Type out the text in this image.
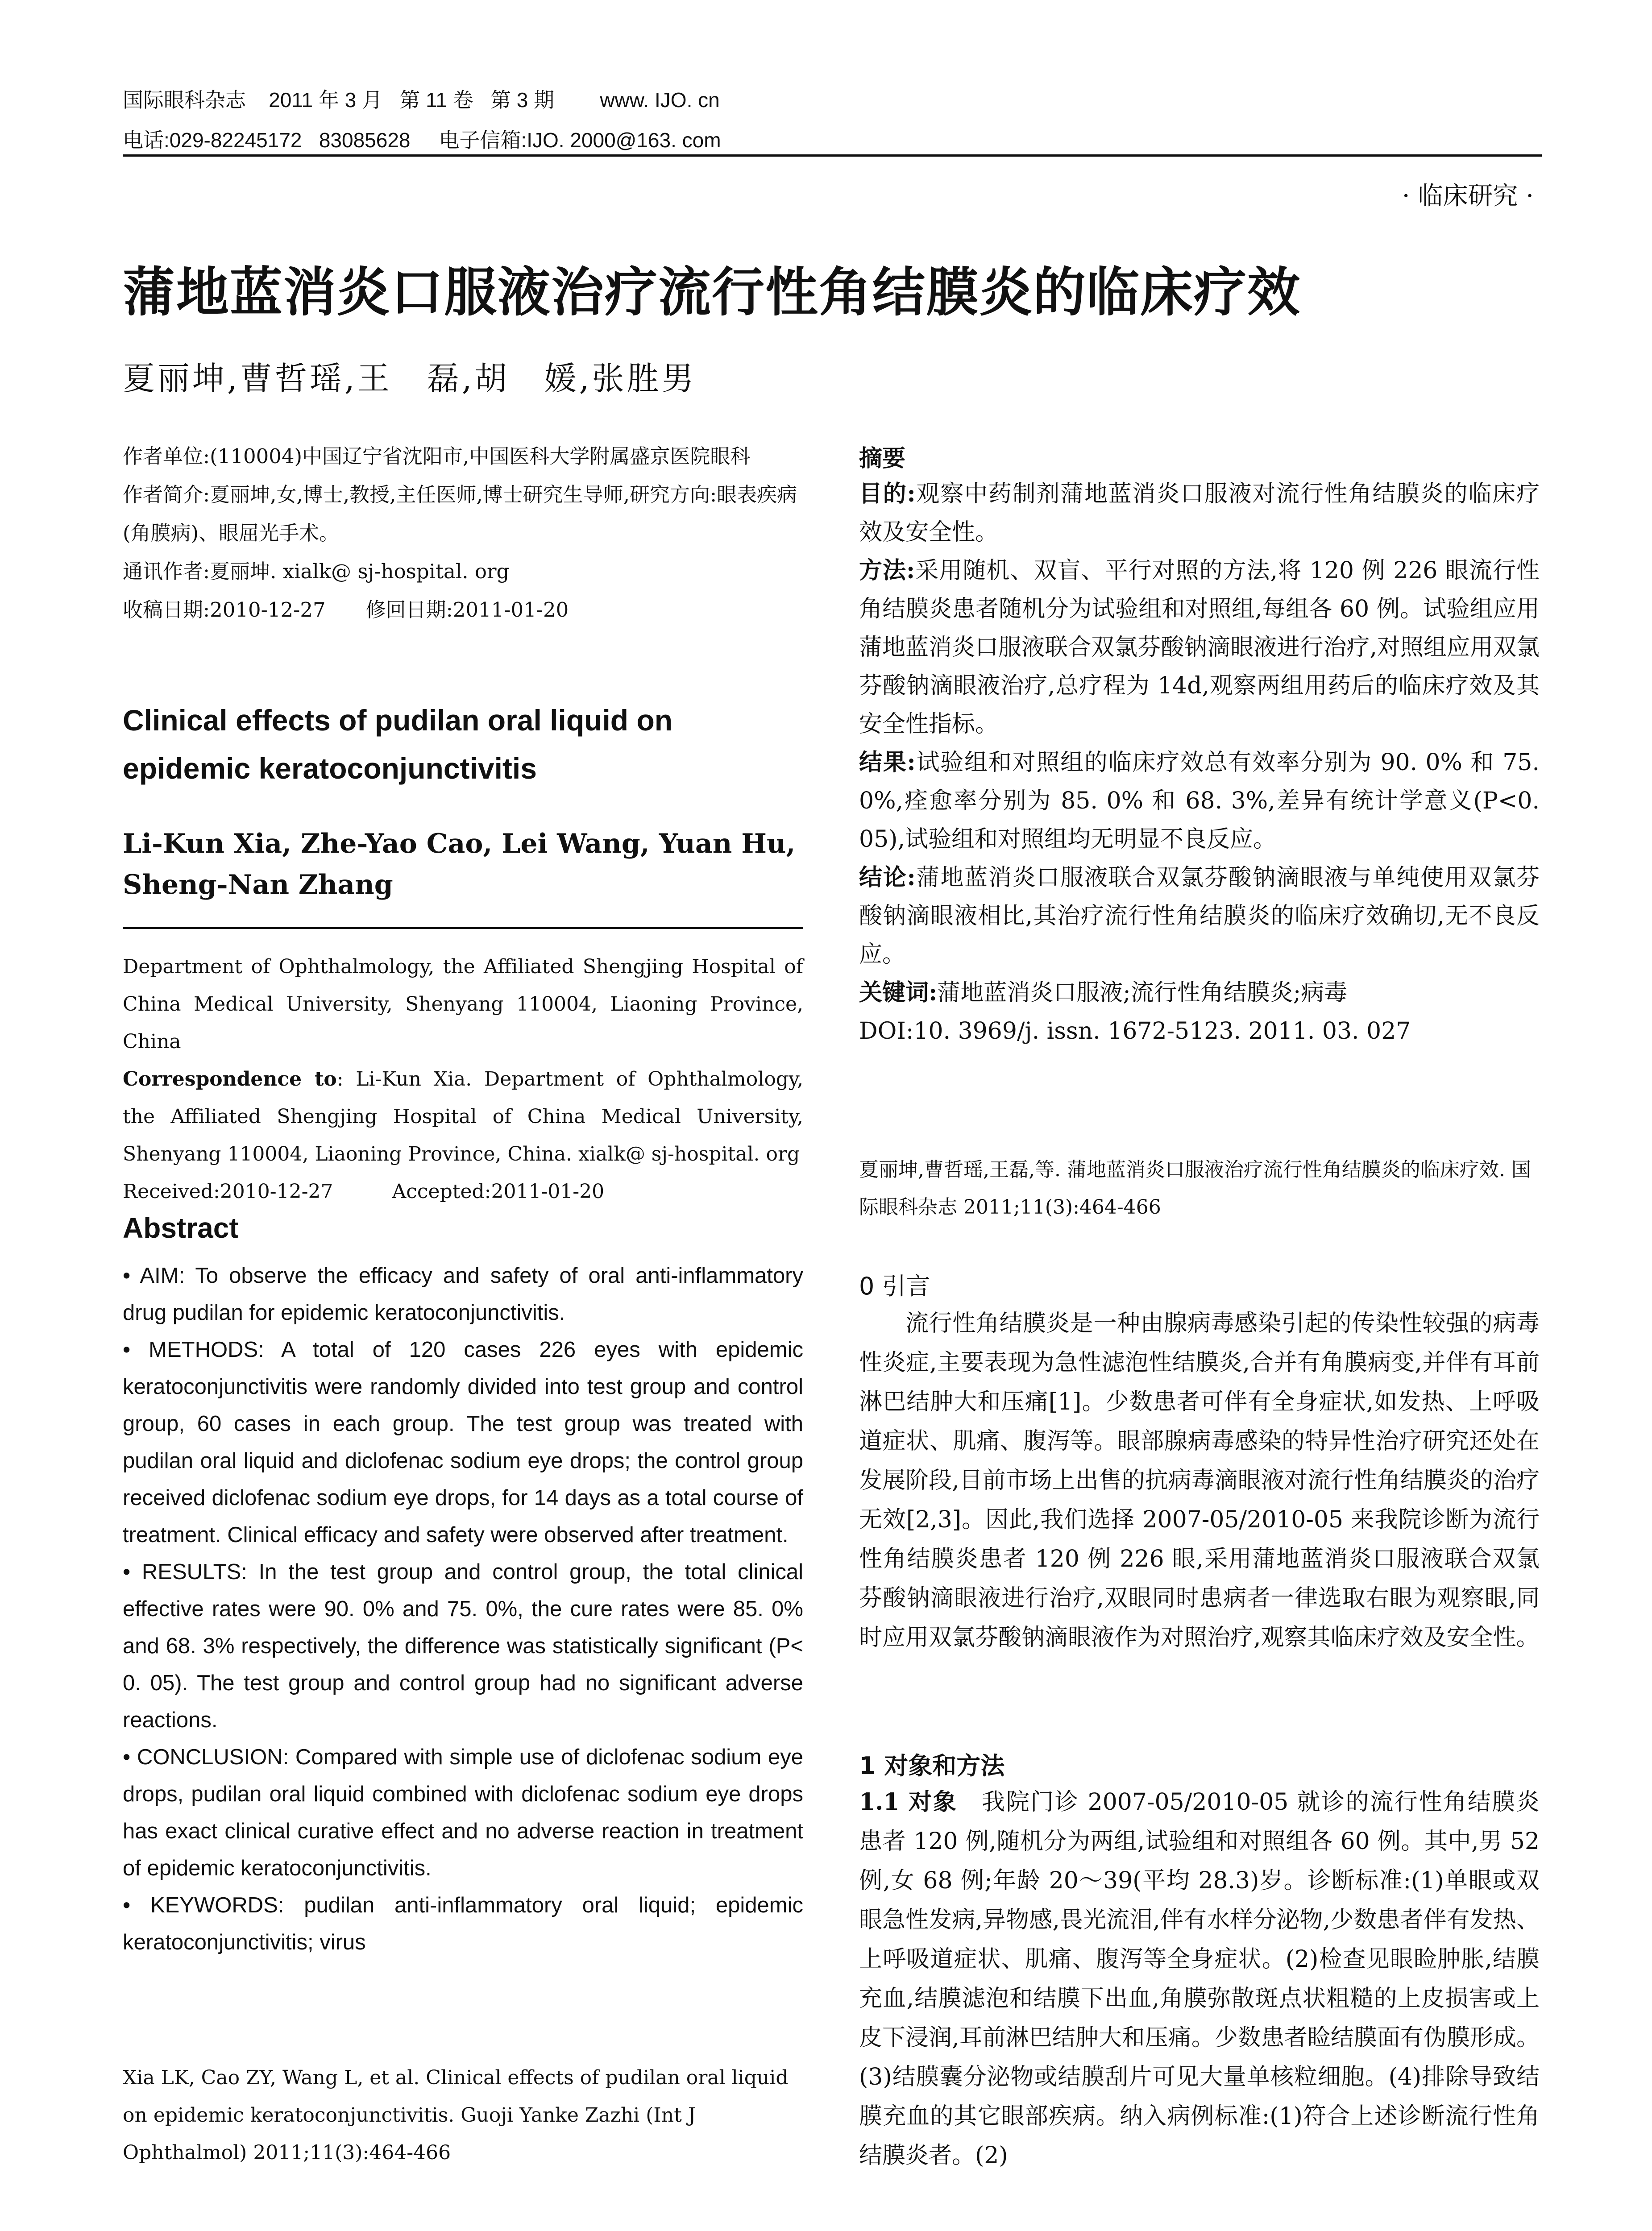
国际眼科杂志    2011 年 3 月   第 11 卷   第 3 期        www. IJO. cn
电话:029-82245172   83085628     电子信箱:IJO. 2000@163. com
· 临床研究 ·
蒲地蓝消炎口服液治疗流行性角结膜炎的临床疗效
夏丽坤,曹哲瑶,王　磊,胡　媛,张胜男

作者单位:(110004)中国辽宁省沈阳市,中国医科大学附属盛京医院眼科

作者简介:夏丽坤,女,博士,教授,主任医师,博士研究生导师,研究方向:眼表疾病(角膜病)、眼屈光手术。

通讯作者:夏丽坤. xialk@ sj-hospital. org

收稿日期:2010-12-27　　修回日期:2011-01-20

Clinical effects of pudilan oral liquid on epidemic keratoconjunctivitis
Li-Kun Xia, Zhe-Yao Cao, Lei Wang, Yuan Hu, Sheng-Nan Zhang

Department of Ophthalmology, the Affiliated Shengjing Hospital of China Medical University, Shenyang 110004, Liaoning Province, China

Correspondence to: Li-Kun Xia. Department of Ophthalmology, the Affiliated Shengjing Hospital of China Medical University, Shenyang 110004, Liaoning Province, China. xialk@ sj-hospital. org

Received:2010-12-27　　　Accepted:2011-01-20

Abstract

• AIM: To observe the efficacy and safety of oral anti-inflammatory drug pudilan for epidemic keratoconjunctivitis.

• METHODS: A total of 120 cases 226 eyes with epidemic keratoconjunctivitis were randomly divided into test group and control group, 60 cases in each group. The test group was treated with pudilan oral liquid and diclofenac sodium eye drops; the control group received diclofenac sodium eye drops, for 14 days as a total course of treatment. Clinical efficacy and safety were observed after treatment.

• RESULTS: In the test group and control group, the total clinical effective rates were 90. 0% and 75. 0%, the cure rates were 85. 0% and 68. 3% respectively, the difference was statistically significant (P< 0. 05). The test group and control group had no significant adverse reactions.

• CONCLUSION: Compared with simple use of diclofenac sodium eye drops, pudilan oral liquid combined with diclofenac sodium eye drops has exact clinical curative effect and no adverse reaction in treatment of epidemic keratoconjunctivitis.

• KEYWORDS: pudilan anti-inflammatory oral liquid; epidemic keratoconjunctivitis; virus

Xia LK, Cao ZY, Wang L, et al. Clinical effects of pudilan oral liquid on epidemic keratoconjunctivitis. Guoji Yanke Zazhi (Int J Ophthalmol) 2011;11(3):464-466
摘要

目的:观察中药制剂蒲地蓝消炎口服液对流行性角结膜炎的临床疗效及安全性。

方法:采用随机、双盲、平行对照的方法,将 120 例 226 眼流行性角结膜炎患者随机分为试验组和对照组,每组各 60 例。试验组应用蒲地蓝消炎口服液联合双氯芬酸钠滴眼液进行治疗,对照组应用双氯芬酸钠滴眼液治疗,总疗程为 14d,观察两组用药后的临床疗效及其安全性指标。

结果:试验组和对照组的临床疗效总有效率分别为 90. 0% 和 75. 0%,痊愈率分别为 85. 0% 和 68. 3%,差异有统计学意义(P<0. 05),试验组和对照组均无明显不良反应。

结论:蒲地蓝消炎口服液联合双氯芬酸钠滴眼液与单纯使用双氯芬酸钠滴眼液相比,其治疗流行性角结膜炎的临床疗效确切,无不良反应。

关键词:蒲地蓝消炎口服液;流行性角结膜炎;病毒

DOI:10. 3969/j. issn. 1672-5123. 2011. 03. 027

夏丽坤,曹哲瑶,王磊,等. 蒲地蓝消炎口服液治疗流行性角结膜炎的临床疗效. 国际眼科杂志 2011;11(3):464-466
0 引言

流行性角结膜炎是一种由腺病毒感染引起的传染性较强的病毒性炎症,主要表现为急性滤泡性结膜炎,合并有角膜病变,并伴有耳前淋巴结肿大和压痛[1]。少数患者可伴有全身症状,如发热、上呼吸道症状、肌痛、腹泻等。眼部腺病毒感染的特异性治疗研究还处在发展阶段,目前市场上出售的抗病毒滴眼液对流行性角结膜炎的治疗无效[2,3]。因此,我们选择 2007-05/2010-05 来我院诊断为流行性角结膜炎患者 120 例 226 眼,采用蒲地蓝消炎口服液联合双氯芬酸钠滴眼液进行治疗,双眼同时患病者一律选取右眼为观察眼,同时应用双氯芬酸钠滴眼液作为对照治疗,观察其临床疗效及安全性。

1 对象和方法

1.1 对象　我院门诊 2007-05/2010-05 就诊的流行性角结膜炎患者 120 例,随机分为两组,试验组和对照组各 60 例。其中,男 52 例,女 68 例;年龄 20～39(平均 28.3)岁。诊断标准:(1)单眼或双眼急性发病,异物感,畏光流泪,伴有水样分泌物,少数患者伴有发热、上呼吸道症状、肌痛、腹泻等全身症状。(2)检查见眼睑肿胀,结膜充血,结膜滤泡和结膜下出血,角膜弥散斑点状粗糙的上皮损害或上皮下浸润,耳前淋巴结肿大和压痛。少数患者睑结膜面有伪膜形成。(3)结膜囊分泌物或结膜刮片可见大量单核粒细胞。(4)排除导致结膜充血的其它眼部疾病。纳入病例标准:(1)符合上述诊断流行性角结膜炎者。(2)
